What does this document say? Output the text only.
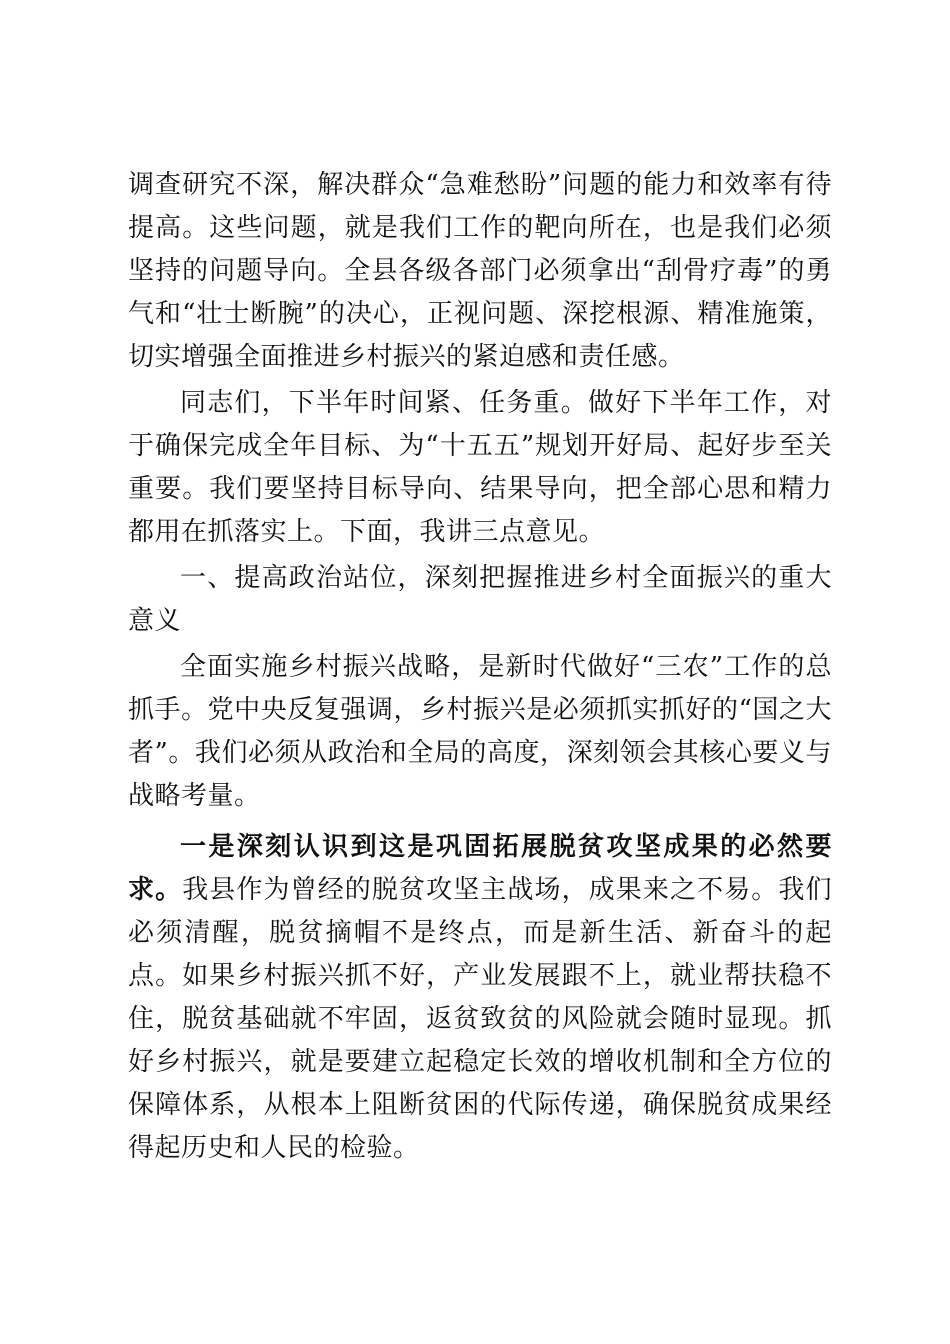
调查研究不深，解决群众“急难愁盼”问题的能力和效率有待提高。这些问题，就是我们工作的靶向所在，也是我们必须坚持的问题导向。全县各级各部门必须拿出“刮骨疗毒”的勇气和“壮士断腕”的决心，正视问题、深挖根源、精准施策，切实增强全面推进乡村振兴的紧迫感和责任感。

同志们，下半年时间紧、任务重。做好下半年工作，对于确保完成全年目标、为“十五五”规划开好局、起好步至关重要。我们要坚持目标导向、结果导向，把全部心思和精力都用在抓落实上。下面，我讲三点意见。

一、提高政治站位，深刻把握推进乡村全面振兴的重大意义

全面实施乡村振兴战略，是新时代做好“三农”工作的总抓手。党中央反复强调，乡村振兴是必须抓实抓好的“国之大者”。我们必须从政治和全局的高度，深刻领会其核心要义与战略考量。

一是深刻认识到这是巩固拓展脱贫攻坚成果的必然要求。我县作为曾经的脱贫攻坚主战场，成果来之不易。我们必须清醒，脱贫摘帽不是终点，而是新生活、新奋斗的起点。如果乡村振兴抓不好，产业发展跟不上，就业帮扶稳不住，脱贫基础就不牢固，返贫致贫的风险就会随时显现。抓好乡村振兴，就是要建立起稳定长效的增收机制和全方位的保障体系，从根本上阻断贫困的代际传递，确保脱贫成果经得起历史和人民的检验。
